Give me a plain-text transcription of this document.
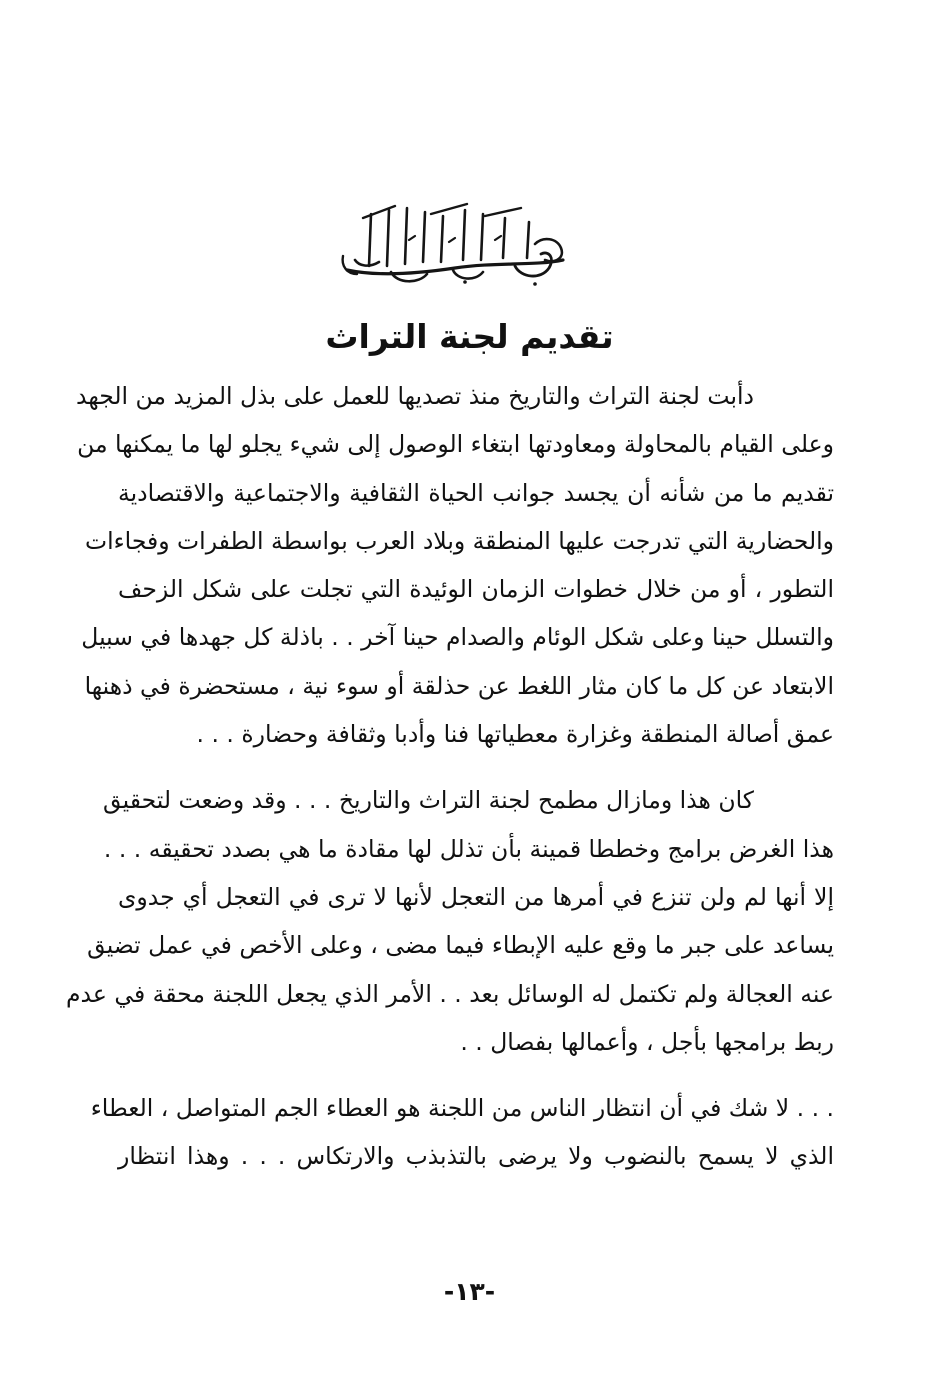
تقديم لجنة التراث

دأبت لجنة التراث والتاريخ منذ تصديها للعمل على بذل المزيد من الجهد
وعلى القيام بالمحاولة ومعاودتها ابتغاء الوصول إلى شيء يجلو لها ما يمكنها من
تقديم ما من شأنه أن يجسد جوانب الحياة الثقافية والاجتماعية والاقتصادية
والحضارية التي تدرجت عليها المنطقة وبلاد العرب بواسطة الطفرات وفجاءات
التطور ، أو من خلال خطوات الزمان الوئيدة التي تجلت على شكل الزحف
والتسلل حينا وعلى شكل الوئام والصدام حينا آخر . . باذلة كل جهدها في سبيل
الابتعاد عن كل ما كان مثار اللغط عن حذلقة أو سوء نية ، مستحضرة في ذهنها
عمق أصالة المنطقة وغزارة معطياتها فنا وأدبا وثقافة وحضارة . . .

كان هذا ومازال مطمح لجنة التراث والتاريخ . . . وقد وضعت لتحقيق
هذا الغرض برامج وخططا قمينة بأن تذلل لها مقادة ما هي بصدد تحقيقه . . .
إلا أنها لم ولن تنزع في أمرها من التعجل لأنها لا ترى في التعجل أي جدوى
يساعد على جبر ما وقع عليه الإبطاء فيما مضى ، وعلى الأخص في عمل تضيق
عنه العجالة ولم تكتمل له الوسائل بعد . . الأمر الذي يجعل اللجنة محقة في عدم
ربط برامجها بأجل ، وأعمالها بفصال . .

. . . لا شك في أن انتظار الناس من اللجنة هو العطاء الجم المتواصل ، العطاء
الذي لا يسمح بالنضوب ولا يرضى بالتذبذب والارتكاس . . . وهذا انتظار

-١٣-
